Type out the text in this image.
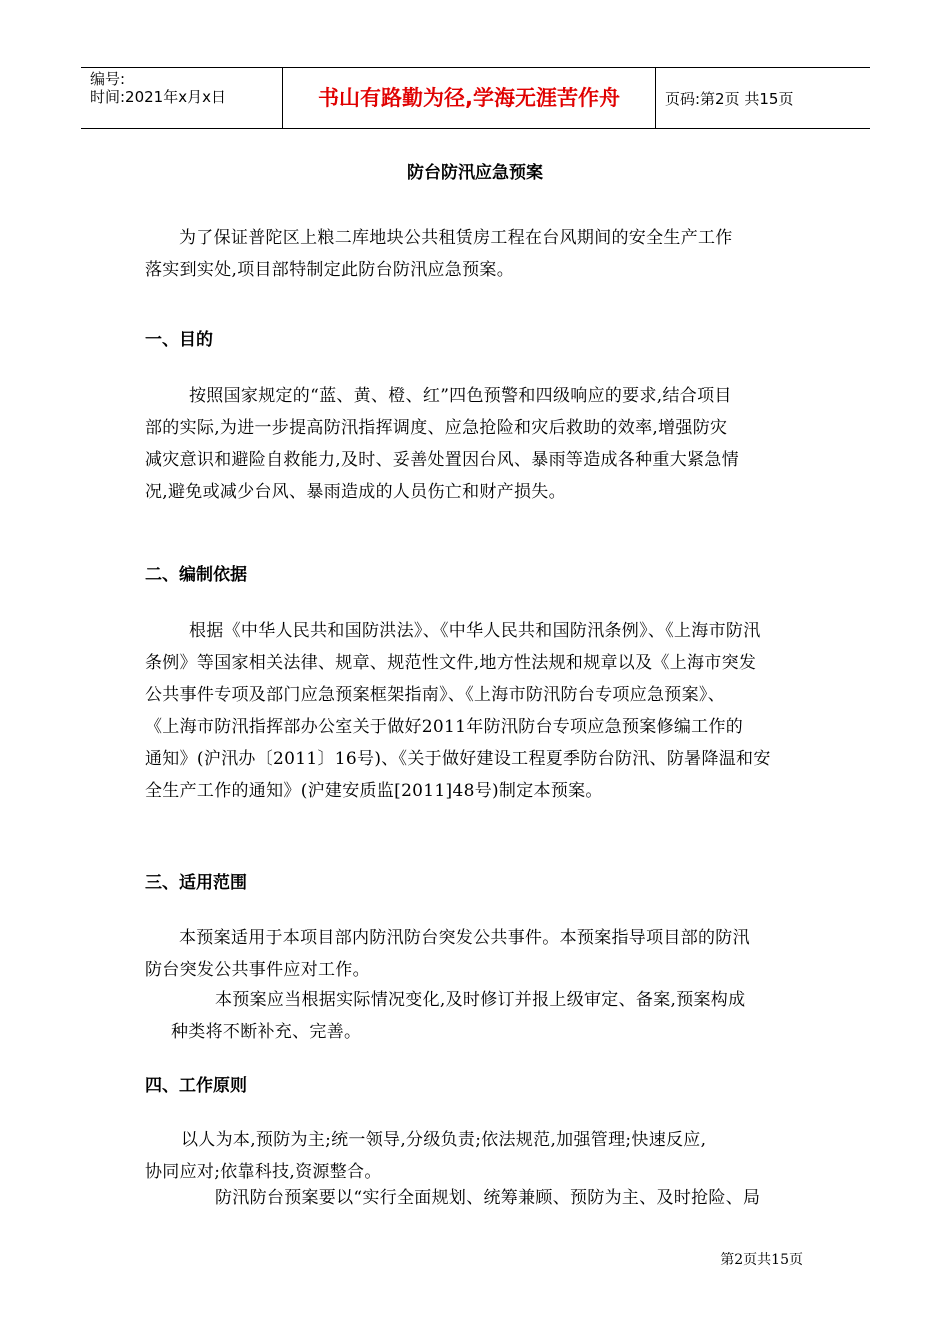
编号:
时间:2021年x月x日	书山有路勤为径,学海无涯苦作舟	页码:第2页 共15页
防台防汛应急预案
为了保证普陀区上粮二库地块公共租赁房工程在台风期间的安全生产工作
落实到实处,项目部特制定此防台防汛应急预案。
一、目的
按照国家规定的“蓝、黄、橙、红”四色预警和四级响应的要求,结合项目
部的实际,为进一步提高防汛指挥调度、应急抢险和灾后救助的效率,增强防灾
减灾意识和避险自救能力,及时、妥善处置因台风、暴雨等造成各种重大紧急情
况,避免或减少台风、暴雨造成的人员伤亡和财产损失。
二、编制依据
根据《中华人民共和国防洪法》、《中华人民共和国防汛条例》、《上海市防汛
条例》等国家相关法律、规章、规范性文件,地方性法规和规章以及《上海市突发
公共事件专项及部门应急预案框架指南》、《上海市防汛防台专项应急预案》、
《上海市防汛指挥部办公室关于做好2011年防汛防台专项应急预案修编工作的
通知》(沪汛办〔2011〕16号)、《关于做好建设工程夏季防台防汛、防暑降温和安
全生产工作的通知》(沪建安质监[2011]48号)制定本预案。
三、适用范围
本预案适用于本项目部内防汛防台突发公共事件。本预案指导项目部的防汛
防台突发公共事件应对工作。
本预案应当根据实际情况变化,及时修订并报上级审定、备案,预案构成
种类将不断补充、完善。
四、工作原则
以人为本,预防为主;统一领导,分级负责;依法规范,加强管理;快速反应,
协同应对;依靠科技,资源整合。
防汛防台预案要以“实行全面规划、统筹兼顾、预防为主、及时抢险、局
第2页共15页
